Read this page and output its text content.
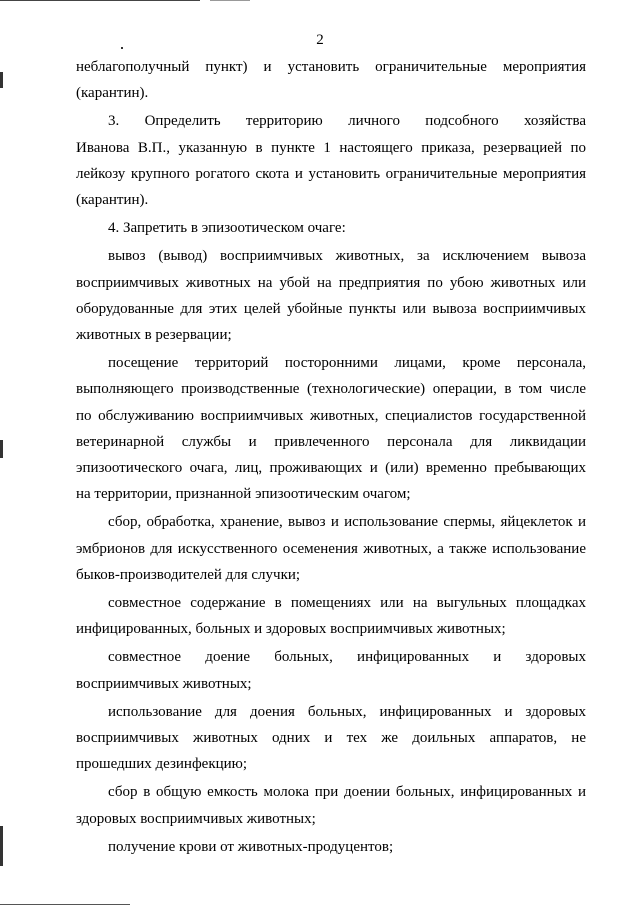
2

неблагополучный пункт) и установить ограничительные мероприятия

(карантин).

3. Определить территорию личного подсобного хозяйства

Иванова В.П., указанную в пункте 1 настоящего приказа, резервацией по

лейкозу крупного рогатого скота и установить ограничительные мероприятия

(карантин).

4. Запретить в эпизоотическом очаге:

вывоз (вывод) восприимчивых животных, за исключением вывоза

восприимчивых животных на убой на предприятия по убою животных или

оборудованные для этих целей убойные пункты или вывоза восприимчивых

животных в резервации;

посещение территорий посторонними лицами, кроме персонала,

выполняющего производственные (технологические) операции, в том числе

по обслуживанию восприимчивых животных, специалистов государственной

ветеринарной службы и привлеченного персонала для ликвидации

эпизоотического очага, лиц, проживающих и (или) временно пребывающих

на территории, признанной эпизоотическим очагом;

сбор, обработка, хранение, вывоз и использование спермы, яйцеклеток и

эмбрионов для искусственного осеменения животных, а также использование

быков-производителей для случки;

совместное содержание в помещениях или на выгульных площадках

инфицированных, больных и здоровых восприимчивых животных;

совместное доение больных, инфицированных и здоровых

восприимчивых животных;

использование для доения больных, инфицированных и здоровых

восприимчивых животных одних и тех же доильных аппаратов, не

прошедших дезинфекцию;

сбор в общую емкость молока при доении больных, инфицированных и

здоровых восприимчивых животных;

получение крови от животных-продуцентов;
